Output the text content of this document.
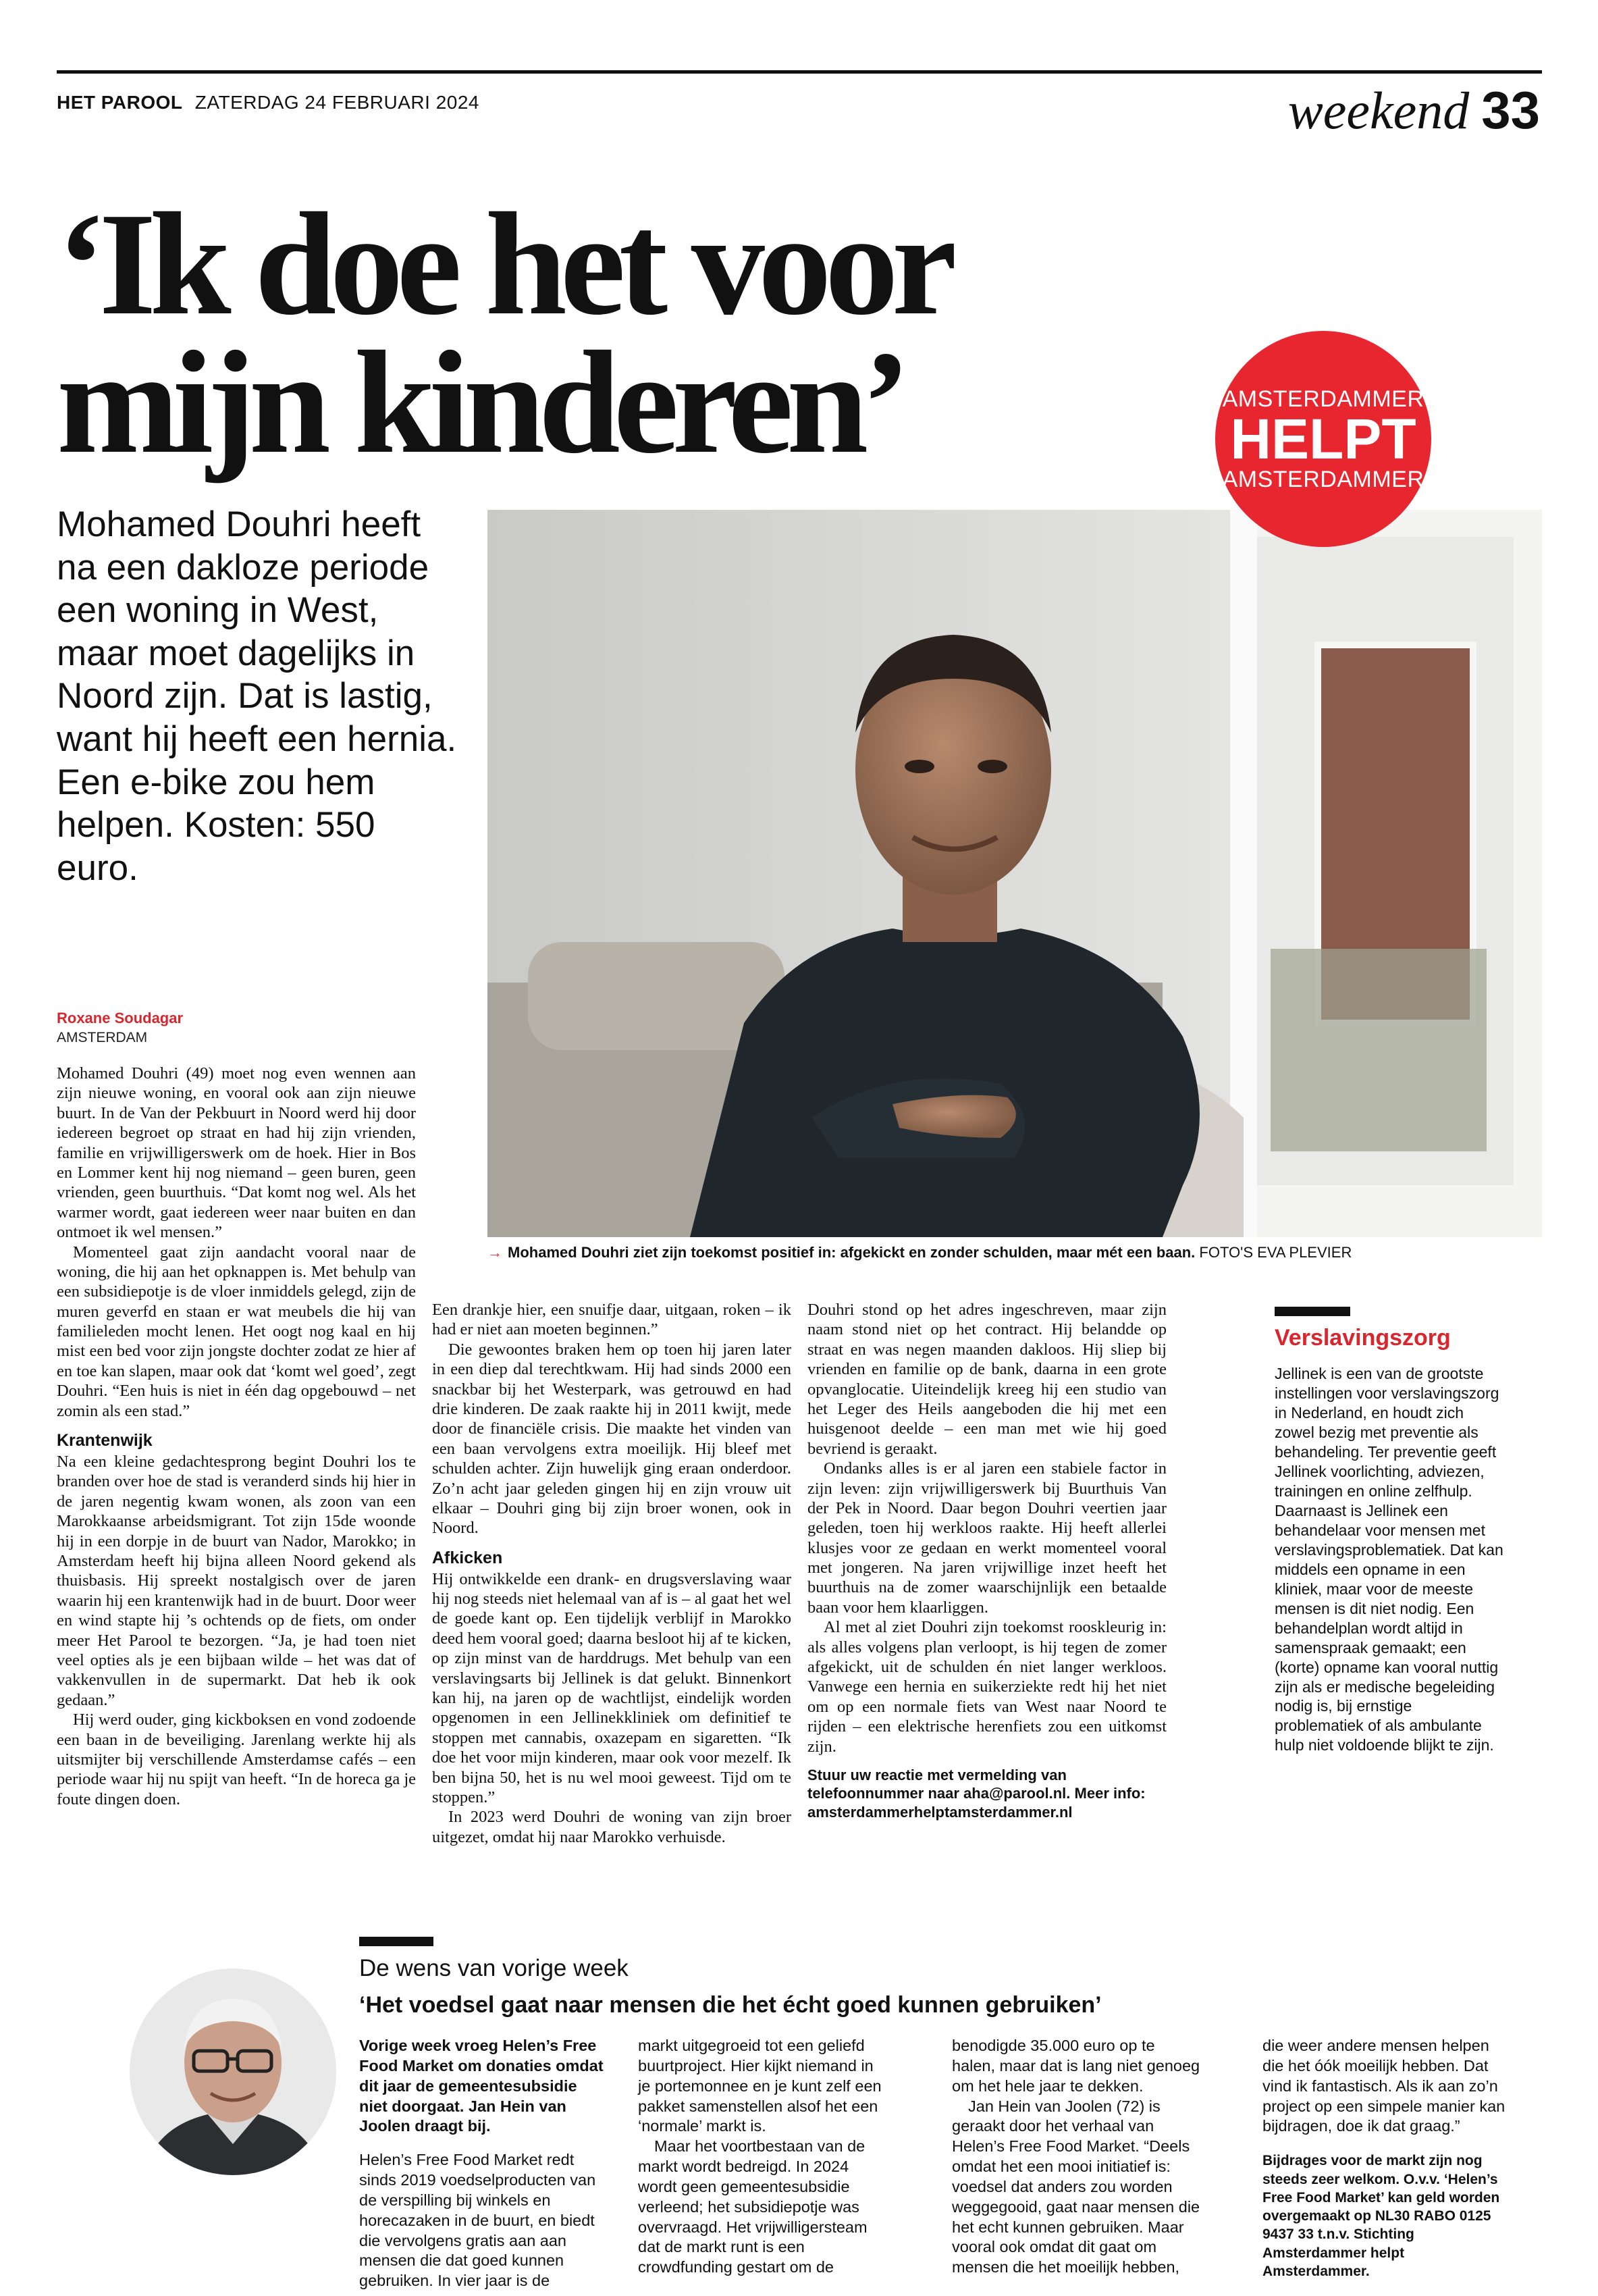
HET PAROOL ZATERDAG 24 FEBRUARI 2024	weekend 33
‘Ik doe het voor
mijn kinderen’
Mohamed Douhri heeft na een dakloze periode een woning in West, maar moet dagelijks in Noord zijn. Dat is lastig, want hij heeft een hernia. Een e-bike zou hem helpen. Kosten: 550 euro.
AMSTERDAMMER
HELPT
AMSTERDAMMER
→ Mohamed Douhri ziet zijn toekomst positief in: afgekickt en zonder schulden, maar mét een baan. FOTO'S EVA PLEVIER
Roxane Soudagar
AMSTERDAM

Mohamed Douhri (49) moet nog even wennen aan zijn nieuwe woning, en vooral ook aan zijn nieuwe buurt. In de Van der Pekbuurt in Noord werd hij door iedereen begroet op straat en had hij zijn vrienden, familie en vrijwilligerswerk om de hoek. Hier in Bos en Lommer kent hij nog niemand – geen buren, geen vrienden, geen buurthuis. “Dat komt nog wel. Als het warmer wordt, gaat iedereen weer naar buiten en dan ontmoet ik wel mensen.”

Momenteel gaat zijn aandacht vooral naar de woning, die hij aan het opknappen is. Met behulp van een subsidiepotje is de vloer inmiddels gelegd, zijn de muren geverfd en staan er wat meubels die hij van familieleden mocht lenen. Het oogt nog kaal en hij mist een bed voor zijn jongste dochter zodat ze hier af en toe kan slapen, maar ook dat ‘komt wel goed’, zegt Douhri. “Een huis is niet in één dag opgebouwd – net zomin als een stad.”

Krantenwijk

Na een kleine gedachtesprong begint Douhri los te branden over hoe de stad is veranderd sinds hij hier in de jaren negentig kwam wonen, als zoon van een Marokkaanse arbeidsmigrant. Tot zijn 15de woonde hij in een dorpje in de buurt van Nador, Marokko; in Amsterdam heeft hij bijna alleen Noord gekend als thuisbasis. Hij spreekt nostalgisch over de jaren waarin hij een krantenwijk had in de buurt. Door weer en wind stapte hij ’s ochtends op de fiets, om onder meer Het Parool te bezorgen. “Ja, je had toen niet veel opties als je een bijbaan wilde – het was dat of vakkenvullen in de supermarkt. Dat heb ik ook gedaan.”

Hij werd ouder, ging kickboksen en vond zodoende een baan in de beveiliging. Jarenlang werkte hij als uitsmijter bij verschillende Amsterdamse cafés – een periode waar hij nu spijt van heeft. “In de horeca ga je foute dingen doen.

Een drankje hier, een snuifje daar, uitgaan, roken – ik had er niet aan moeten beginnen.”

Die gewoontes braken hem op toen hij jaren later in een diep dal terechtkwam. Hij had sinds 2000 een snackbar bij het Westerpark, was getrouwd en had drie kinderen. De zaak raakte hij in 2011 kwijt, mede door de financiële crisis. Die maakte het vinden van een baan vervolgens extra moeilijk. Hij bleef met schulden achter. Zijn huwelijk ging eraan onderdoor. Zo’n acht jaar geleden gingen hij en zijn vrouw uit elkaar – Douhri ging bij zijn broer wonen, ook in Noord.

Afkicken

Hij ontwikkelde een drank- en drugsverslaving waar hij nog steeds niet helemaal van af is – al gaat het wel de goede kant op. Een tijdelijk verblijf in Marokko deed hem vooral goed; daarna besloot hij af te kicken, op zijn minst van de harddrugs. Met behulp van een verslavingsarts bij Jellinek is dat gelukt. Binnenkort kan hij, na jaren op de wachtlijst, eindelijk worden opgenomen in een Jellinekkliniek om definitief te stoppen met cannabis, oxazepam en sigaretten. “Ik doe het voor mijn kinderen, maar ook voor mezelf. Ik ben bijna 50, het is nu wel mooi geweest. Tijd om te stoppen.”

In 2023 werd Douhri de woning van zijn broer uitgezet, omdat hij naar Marokko verhuisde.

Douhri stond op het adres ingeschreven, maar zijn naam stond niet op het contract. Hij belandde op straat en was negen maanden dakloos. Hij sliep bij vrienden en familie op de bank, daarna in een grote opvanglocatie. Uiteindelijk kreeg hij een studio van het Leger des Heils aangeboden die hij met een huisgenoot deelde – een man met wie hij goed bevriend is geraakt.

Ondanks alles is er al jaren een stabiele factor in zijn leven: zijn vrijwilligerswerk bij Buurthuis Van der Pek in Noord. Daar begon Douhri veertien jaar geleden, toen hij werkloos raakte. Hij heeft allerlei klusjes voor ze gedaan en werkt momenteel vooral met jongeren. Na jaren vrijwillige inzet heeft het buurthuis na de zomer waarschijnlijk een betaalde baan voor hem klaarliggen.

Al met al ziet Douhri zijn toekomst rooskleurig in: als alles volgens plan verloopt, is hij tegen de zomer afgekickt, uit de schulden én niet langer werkloos. Vanwege een hernia en suikerziekte redt hij het niet om op een normale fiets van West naar Noord te rijden – een elektrische herenfiets zou een uitkomst zijn.

Stuur uw reactie met vermelding van telefoonnummer naar aha@parool.nl. Meer info: amsterdammerhelptamsterdammer.nl
Verslavingszorg
Jellinek is een van de grootste instellingen voor verslavingszorg in Nederland, en houdt zich zowel bezig met preventie als behandeling. Ter preventie geeft Jellinek voorlichting, adviezen, trainingen en online zelfhulp. Daarnaast is Jellinek een behandelaar voor mensen met verslavingsproblematiek. Dat kan middels een opname in een kliniek, maar voor de meeste mensen is dit niet nodig. Een behandelplan wordt altijd in samenspraak gemaakt; een (korte) opname kan vooral nuttig zijn als er medische begeleiding nodig is, bij ernstige problematiek of als ambulante hulp niet voldoende blijkt te zijn.
De wens van vorige week
‘Het voedsel gaat naar mensen die het écht goed kunnen gebruiken’

Vorige week vroeg Helen’s Free Food Market om donaties omdat dit jaar de gemeentesubsidie niet doorgaat. Jan Hein van Joolen draagt bij.

Helen’s Free Food Market redt sinds 2019 voedselproducten van de verspilling bij winkels en horecazaken in de buurt, en biedt die vervolgens gratis aan aan mensen die dat goed kunnen gebruiken. In vier jaar is de

markt uitgegroeid tot een geliefd buurtproject. Hier kijkt niemand in je portemonnee en je kunt zelf een pakket samenstellen alsof het een ‘normale’ markt is.

Maar het voortbestaan van de markt wordt bedreigd. In 2024 wordt geen gemeentesubsidie verleend; het subsidiepotje was overvraagd. Het vrijwilligersteam dat de markt runt is een crowdfunding gestart om de

benodigde 35.000 euro op te halen, maar dat is lang niet genoeg om het hele jaar te dekken.

Jan Hein van Joolen (72) is geraakt door het verhaal van Helen’s Free Food Market. “Deels omdat het een mooi initiatief is: voedsel dat anders zou worden weggegooid, gaat naar mensen die het echt kunnen gebruiken. Maar vooral ook omdat dit gaat om mensen die het moeilijk hebben,

die weer andere mensen helpen die het óók moeilijk hebben. Dat vind ik fantastisch. Als ik aan zo’n project op een simpele manier kan bijdragen, doe ik dat graag.”

Bijdrages voor de markt zijn nog steeds zeer welkom. O.v.v. ‘Helen’s Free Food Market’ kan geld worden overgemaakt op NL30 RABO 0125 9437 33 t.n.v. Stichting Amsterdammer helpt Amsterdammer.
